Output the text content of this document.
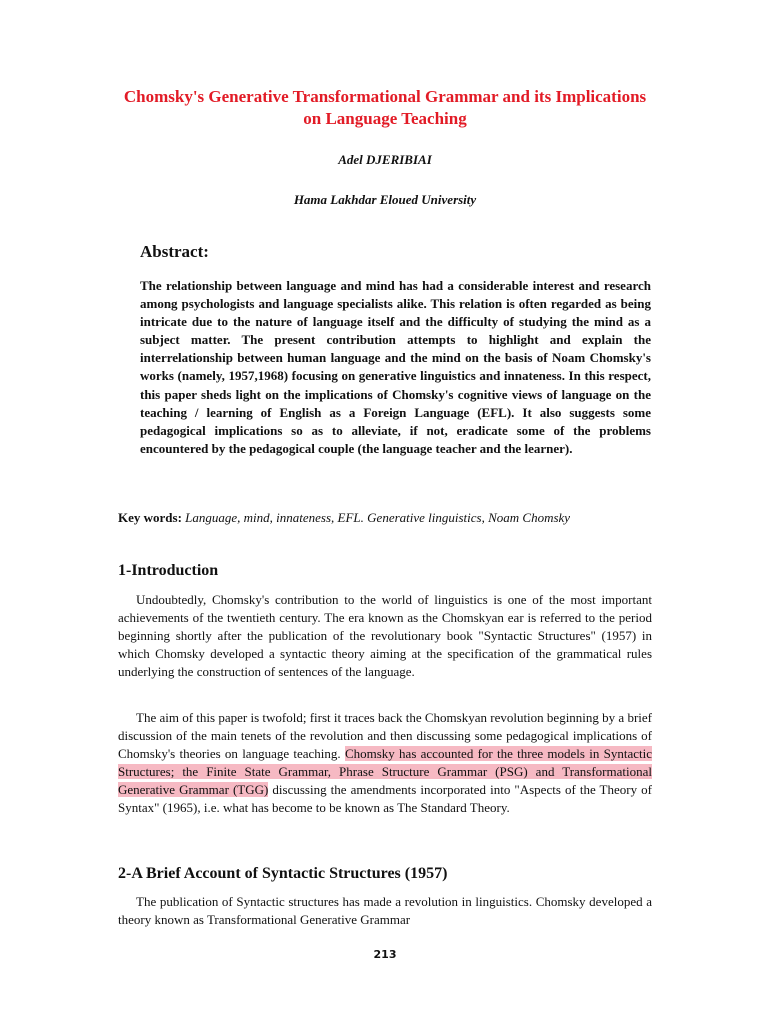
Chomsky's Generative Transformational Grammar and its Implications on Language Teaching

Adel DJERIBIAI

Hama Lakhdar Eloued University

Abstract:

The relationship between language and mind has had a considerable interest and research among psychologists and language specialists alike. This relation is often regarded as being intricate due to the nature of language itself and the difficulty of studying the mind as a subject matter. The present contribution attempts to highlight and explain the interrelationship between human language and the mind on the basis of Noam Chomsky's works (namely, 1957,1968) focusing on generative linguistics and innateness. In this respect, this paper sheds light on the implications of Chomsky's cognitive views of language on the teaching / learning of English as a Foreign Language (EFL). It also suggests some pedagogical implications so as to alleviate, if not, eradicate some of the problems encountered by the pedagogical couple (the language teacher and the learner).

Key words: Language, mind, innateness, EFL. Generative linguistics, Noam Chomsky

1-Introduction

Undoubtedly, Chomsky's contribution to the world of linguistics is one of the most important achievements of the twentieth century. The era known as the Chomskyan ear is referred to the period beginning shortly after the publication of the revolutionary book "Syntactic Structures" (1957) in which Chomsky developed a syntactic theory aiming at the specification of the grammatical rules underlying the construction of sentences of the language.

The aim of this paper is twofold; first it traces back the Chomskyan revolution beginning by a brief discussion of the main tenets of the revolution and then discussing some pedagogical implications of Chomsky's theories on language teaching. Chomsky has accounted for the three models in Syntactic Structures; the Finite State Grammar, Phrase Structure Grammar (PSG) and Transformational Generative Grammar (TGG) discussing the amendments incorporated into "Aspects of the Theory of Syntax" (1965), i.e. what has become to be known as The Standard Theory.

2-A Brief Account of Syntactic Structures (1957)

The publication of Syntactic structures has made a revolution in linguistics. Chomsky developed a theory known as Transformational Generative Grammar

213
